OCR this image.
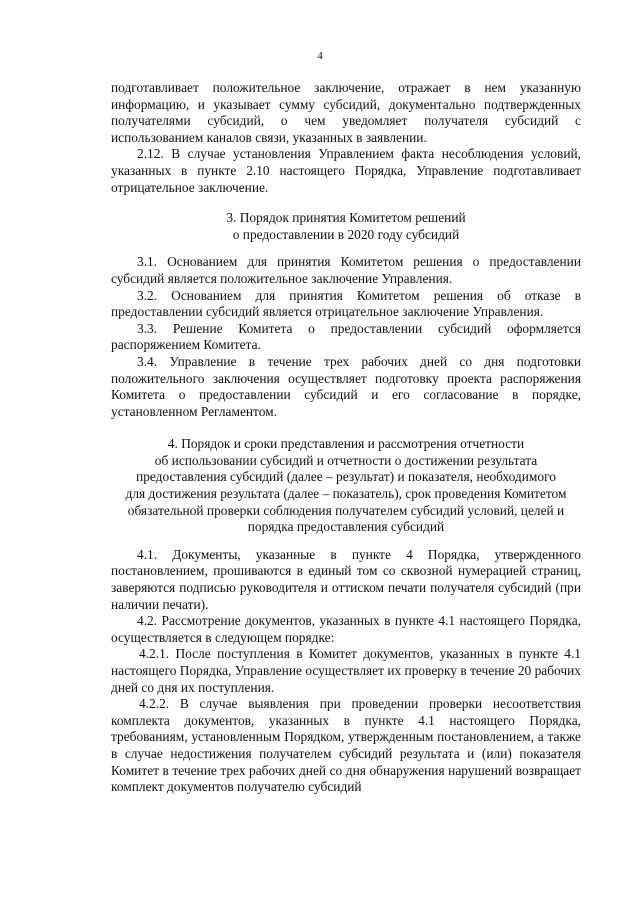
4

подготавливает положительное заключение, отражает в нем указанную информацию, и указывает сумму субсидий, документально подтвержденных получателями субсидий, о чем уведомляет получателя субсидий с использованием каналов связи, указанных в заявлении.

2.12. В случае установления Управлением факта несоблюдения условий, указанных в пункте 2.10 настоящего Порядка, Управление подготавливает отрицательное заключение.

3. Порядок принятия Комитетом решений
о предоставлении в 2020 году субсидий

3.1. Основанием для принятия Комитетом решения о предоставлении субсидий является положительное заключение Управления.

3.2. Основанием для принятия Комитетом решения об отказе в предоставлении субсидий является отрицательное заключение Управления.

3.3. Решение Комитета о предоставлении субсидий оформляется распоряжением Комитета.

3.4. Управление в течение трех рабочих дней со дня подготовки положительного заключения осуществляет подготовку проекта распоряжения Комитета о предоставлении субсидий и его согласование в порядке, установленном Регламентом.

4. Порядок и сроки представления и рассмотрения отчетности
об использовании субсидий и отчетности о достижении результата
предоставления субсидий (далее – результат) и показателя, необходимого
для достижения результата (далее – показатель), срок проведения Комитетом
обязательной проверки соблюдения получателем субсидий условий, целей и
порядка предоставления субсидий

4.1. Документы, указанные в пункте 4 Порядка, утвержденного постановлением, прошиваются в единый том со сквозной нумерацией страниц, заверяются подписью руководителя и оттиском печати получателя субсидий (при наличии печати).

4.2. Рассмотрение документов, указанных в пункте 4.1 настоящего Порядка, осуществляется в следующем порядке:

4.2.1. После поступления в Комитет документов, указанных в пункте 4.1 настоящего Порядка, Управление осуществляет их проверку в течение 20 рабочих дней со дня их поступления.

4.2.2. В случае выявления при проведении проверки несоответствия комплекта документов, указанных в пункте 4.1 настоящего Порядка, требованиям, установленным Порядком, утвержденным постановлением, а также в случае недостижения получателем субсидий результата и (или) показателя Комитет в течение трех рабочих дней со дня обнаружения нарушений возвращает комплект документов получателю субсидий
